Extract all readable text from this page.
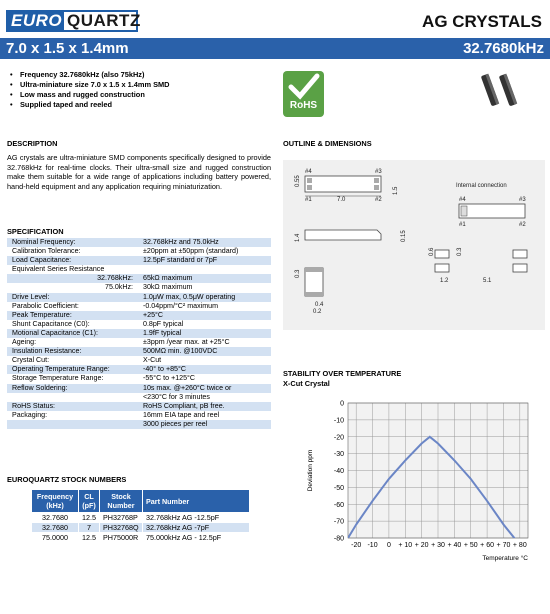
EURO QUARTZ	AG CRYSTALS
7.0 x 1.5 x 1.4mm	32.7680kHz
• Frequency 32.7680kHz (also 75kHz)
• Ultra-miniature size 7.0 x 1.5 x 1.4mm SMD
• Low mass and rugged construction
• Supplied taped and reeled	RoHS
DESCRIPTION
AG crystals are ultra-miniature SMD components specifically designed to provide 32.768kHz for real-time clocks. Their ultra-small size and rugged construction make them suitable for a wide range of applications including battery powered, hand-held equipment and any application requiring miniaturization.
OUTLINE & DIMENSIONS
#4	#3
#1	#2
7.0
1.5
0.55	Internal connection
#4	#3
#1	#2
1.4	0.15
0.3
0.4
0.2
0.6	0.3
1.2	5.1
SPECIFICATION
Nominal Frequency:	32.768kHz and 75.0kHz
Calibration Tolerance:	±20ppm at ±50ppm (standard)
Load Capacitance:	12.5pF standard or 7pF
Equivalent Series Resistance
32.768kHz:	65kΩ maximum
75.0kHz:	30kΩ maximum
Drive Level:	1.0μW max, 0.5μW operating
Parabolic Coefficient:	-0.04ppm/°C² maximum
Peak Temperature:	+25°C
Shunt Capacitance (C0):	0.8pF typical
Motional Capacitance (C1):	1.9fF typical
Ageing:	±3ppm /year max. at +25°C
Insulation Resistance:	500MΩ min. @100VDC
Crystal Cut:	X-Cut
Operating Temperature Range:	-40° to +85°C
Storage Temperature Range:	-55°C to +125°C
Reflow Soldering:	10s max. @+260°C twice or
<230°C for 3 minutes
RoHS Status:	RoHS Compliant, pB free.
Packaging:	16mm EIA tape and reel
3000 pieces per reel
EUROQUARTZ STOCK NUMBERS
Frequency (kHz)	CL (pF)	Stock Number	Part Number
32.7680	12.5	PH32768P	32.768kHz AG -12.5pF
32.7680	7	PH32768Q	32.768kHz AG -7pF
75.0000	12.5	PH75000R	75.000kHz AG - 12.5pF
STABILITY OVER TEMPERATURE
X-Cut Crystal
0
-10
-20
-30
-40
-50
-60
-70
-80
-20 -10 0 + 10 + 20 + 30 + 40 + 50 + 60 + 70 + 80
Deviation ppm
Temperature °C
